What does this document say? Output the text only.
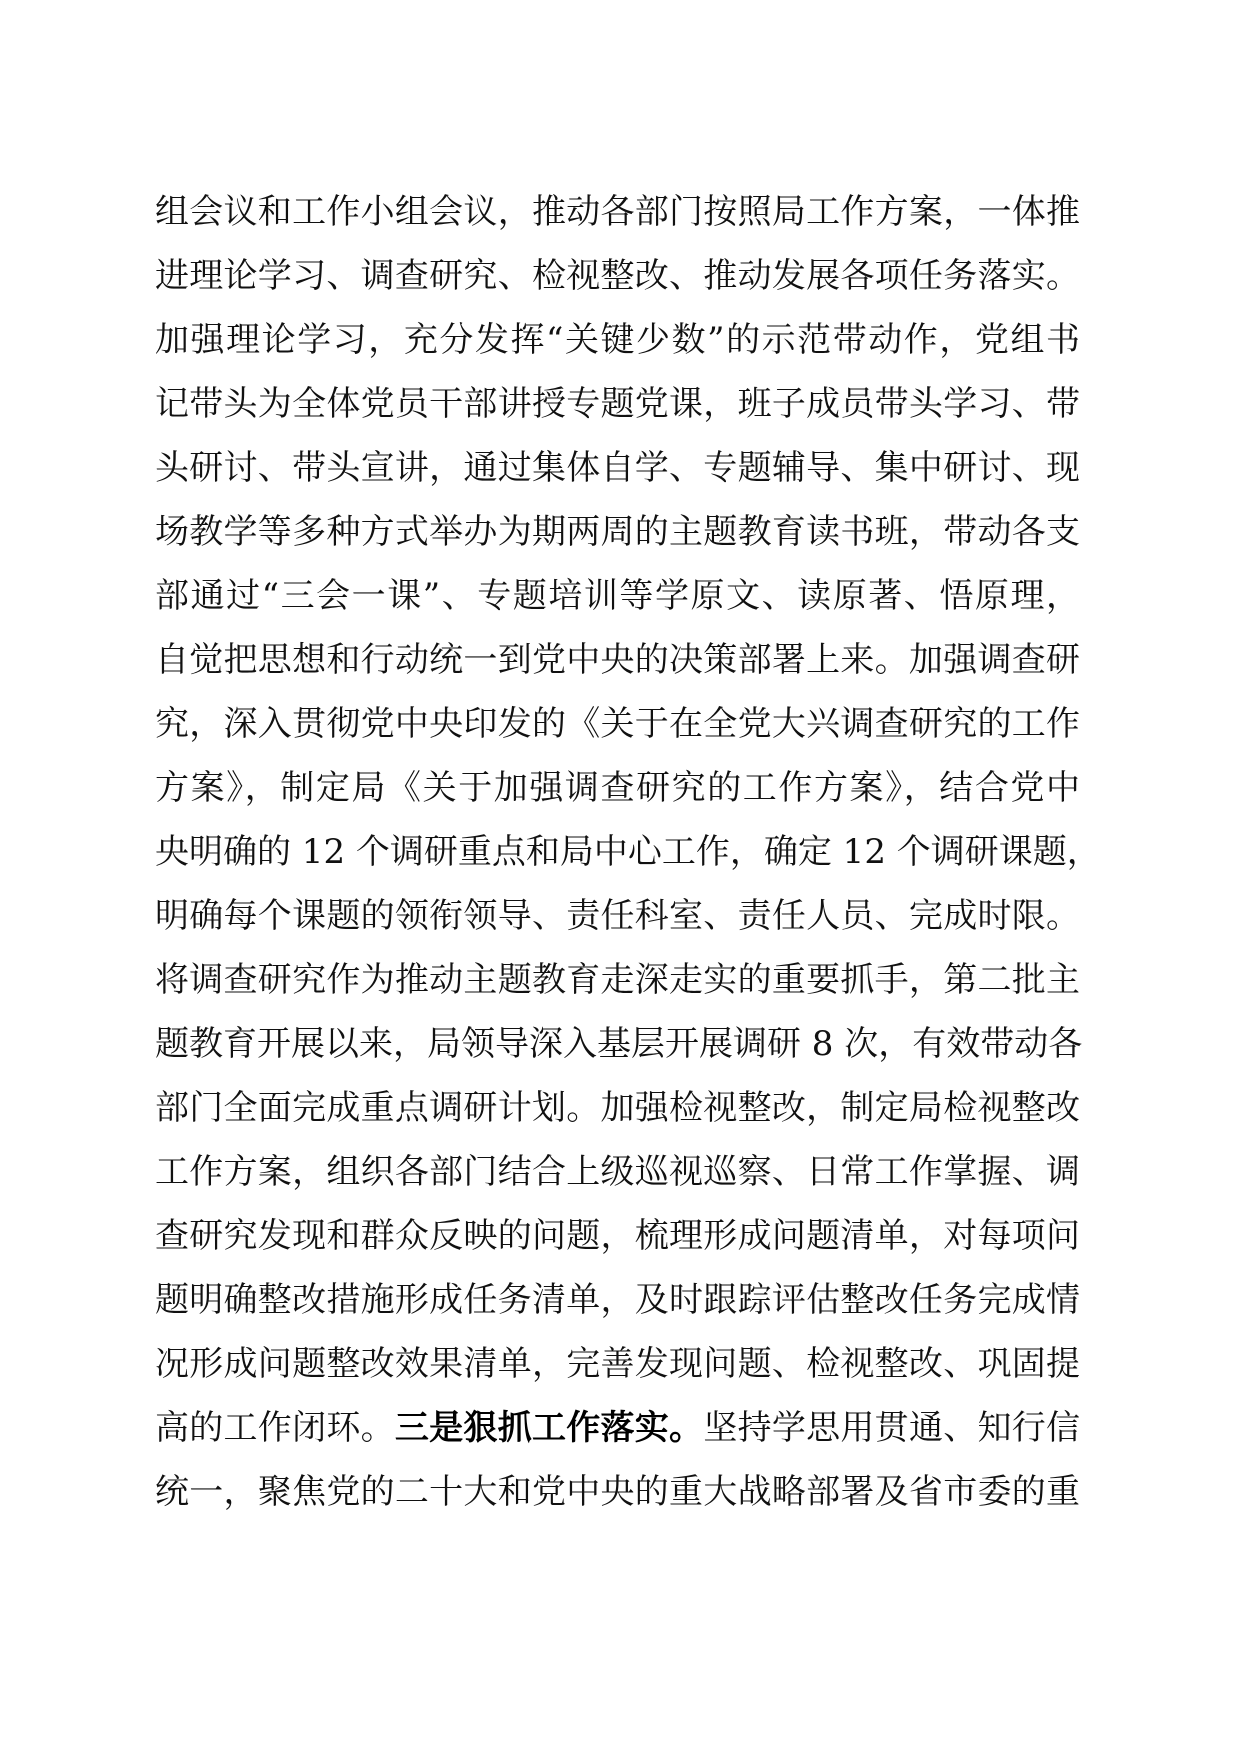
组会议和工作小组会议，推动各部门按照局工作方案，一体推
进理论学习、调查研究、检视整改、推动发展各项任务落实。
加强理论学习，充分发挥“关键少数”的示范带动作，党组书
记带头为全体党员干部讲授专题党课，班子成员带头学习、带
头研讨、带头宣讲，通过集体自学、专题辅导、集中研讨、现
场教学等多种方式举办为期两周的主题教育读书班，带动各支
部通过“三会一课”、专题培训等学原文、读原著、悟原理，
自觉把思想和行动统一到党中央的决策部署上来。加强调查研
究，深入贯彻党中央印发的《关于在全党大兴调查研究的工作
方案》，制定局《关于加强调查研究的工作方案》，结合党中
央明确的 12 个调研重点和局中心工作，确定 12 个调研课题，
明确每个课题的领衔领导、责任科室、责任人员、完成时限。
将调查研究作为推动主题教育走深走实的重要抓手，第二批主
题教育开展以来，局领导深入基层开展调研 8 次，有效带动各
部门全面完成重点调研计划。加强检视整改，制定局检视整改
工作方案，组织各部门结合上级巡视巡察、日常工作掌握、调
查研究发现和群众反映的问题，梳理形成问题清单，对每项问
题明确整改措施形成任务清单，及时跟踪评估整改任务完成情
况形成问题整改效果清单，完善发现问题、检视整改、巩固提
高的工作闭环。三是狠抓工作落实。坚持学思用贯通、知行信
统一，聚焦党的二十大和党中央的重大战略部署及省市委的重
